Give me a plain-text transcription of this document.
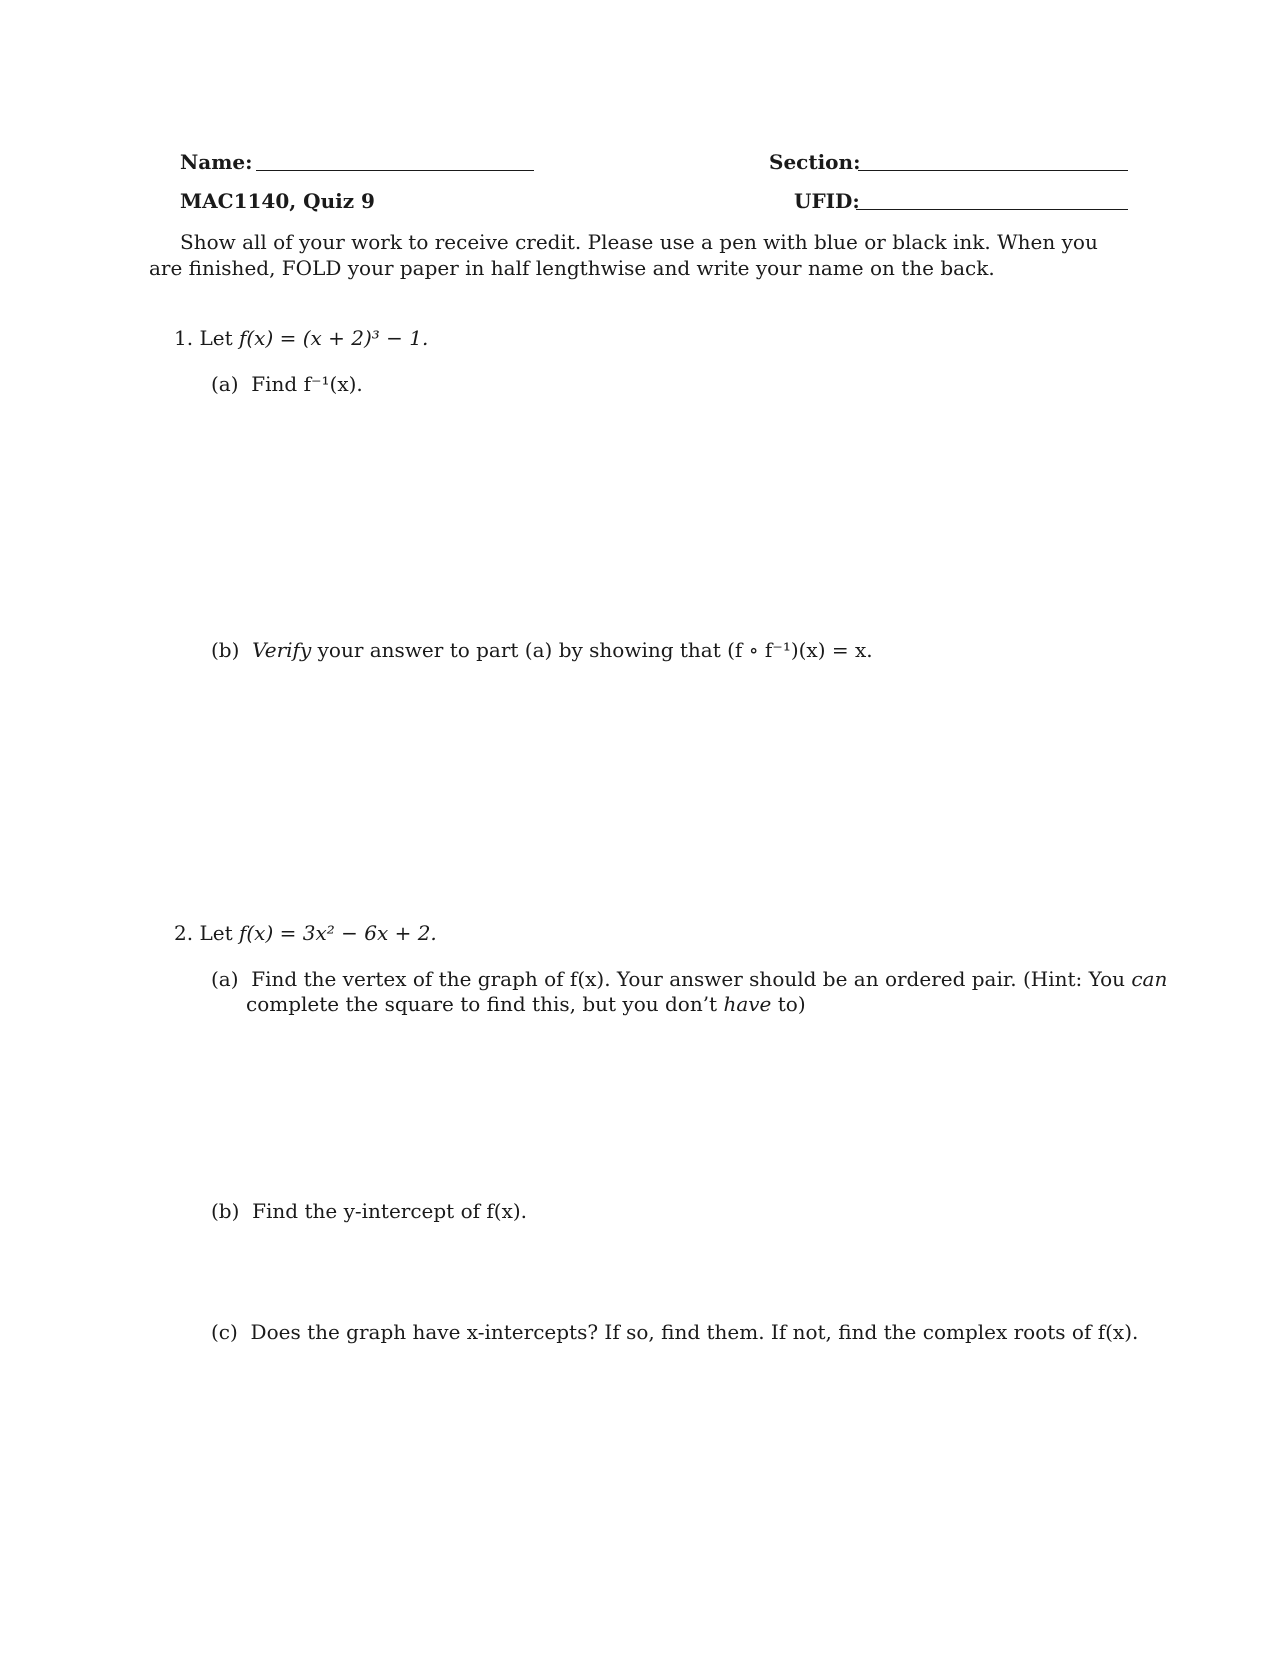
Name:	Section:
MAC1140, Quiz 9	UFID:
Show all of your work to receive credit. Please use a pen with blue or black ink. When you are finished, FOLD your paper in half lengthwise and write your name on the back.
1. Let f(x) = (x + 2)³ − 1.
(a) Find f⁻¹(x).
(b) Verify your answer to part (a) by showing that (f ∘ f⁻¹)(x) = x.
2. Let f(x) = 3x² − 6x + 2.
(a) Find the vertex of the graph of f(x). Your answer should be an ordered pair. (Hint: You can
complete the square to find this, but you don’t have to)
(b) Find the y-intercept of f(x).
(c) Does the graph have x-intercepts? If so, find them. If not, find the complex roots of f(x).
